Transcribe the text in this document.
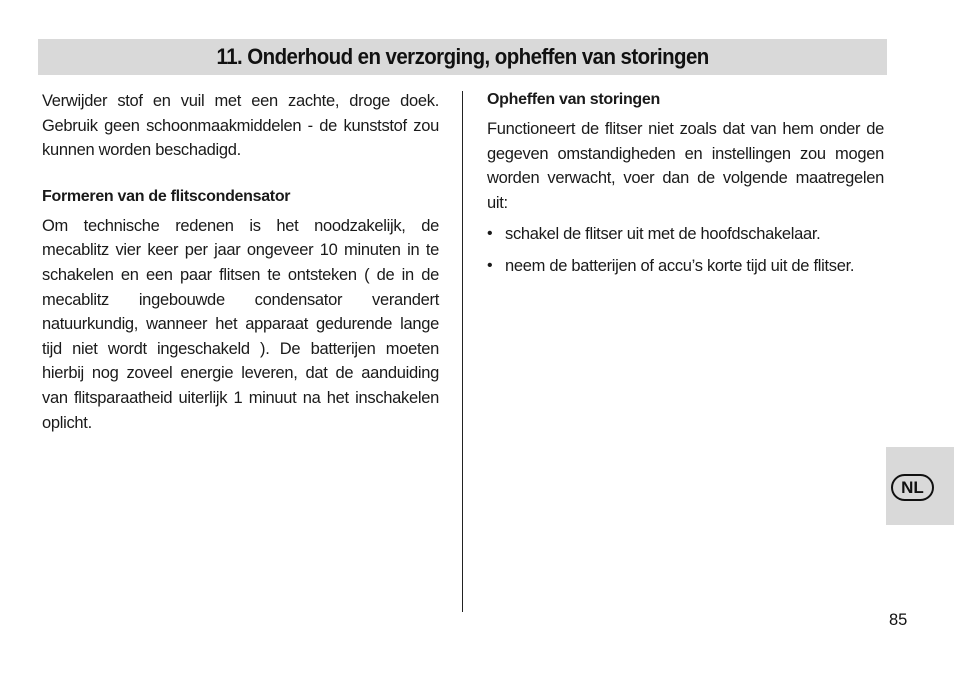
11. Onderhoud en verzorging, opheffen van storingen

Verwijder stof en vuil met een zachte, droge doek. Gebruik geen schoonmaakmiddelen - de kunststof zou kunnen worden beschadigd.

Formeren van de flitscondensator

Om technische redenen is het noodzakelijk, de mecablitz vier keer per jaar ongeveer 10 minuten in te schakelen en een paar flitsen te ontsteken ( de in de mecablitz ingebouwde condensator verandert natuurkundig, wanneer het apparaat gedurende lange tijd niet wordt ingeschakeld ). De batterijen moeten hierbij nog zoveel energie leveren, dat de aanduiding van flitsparaatheid uiterlijk 1 minuut na het inschakelen oplicht.

Opheffen van storingen

Functioneert de flitser niet zoals dat van hem onder de gegeven omstandigheden en instellingen zou mogen worden verwacht, voer dan de volgende maatregelen uit:

• schakel de flitser uit met de hoofdschakelaar.
• neem de batterijen of accu’s korte tijd uit de flitser.
NL
85
